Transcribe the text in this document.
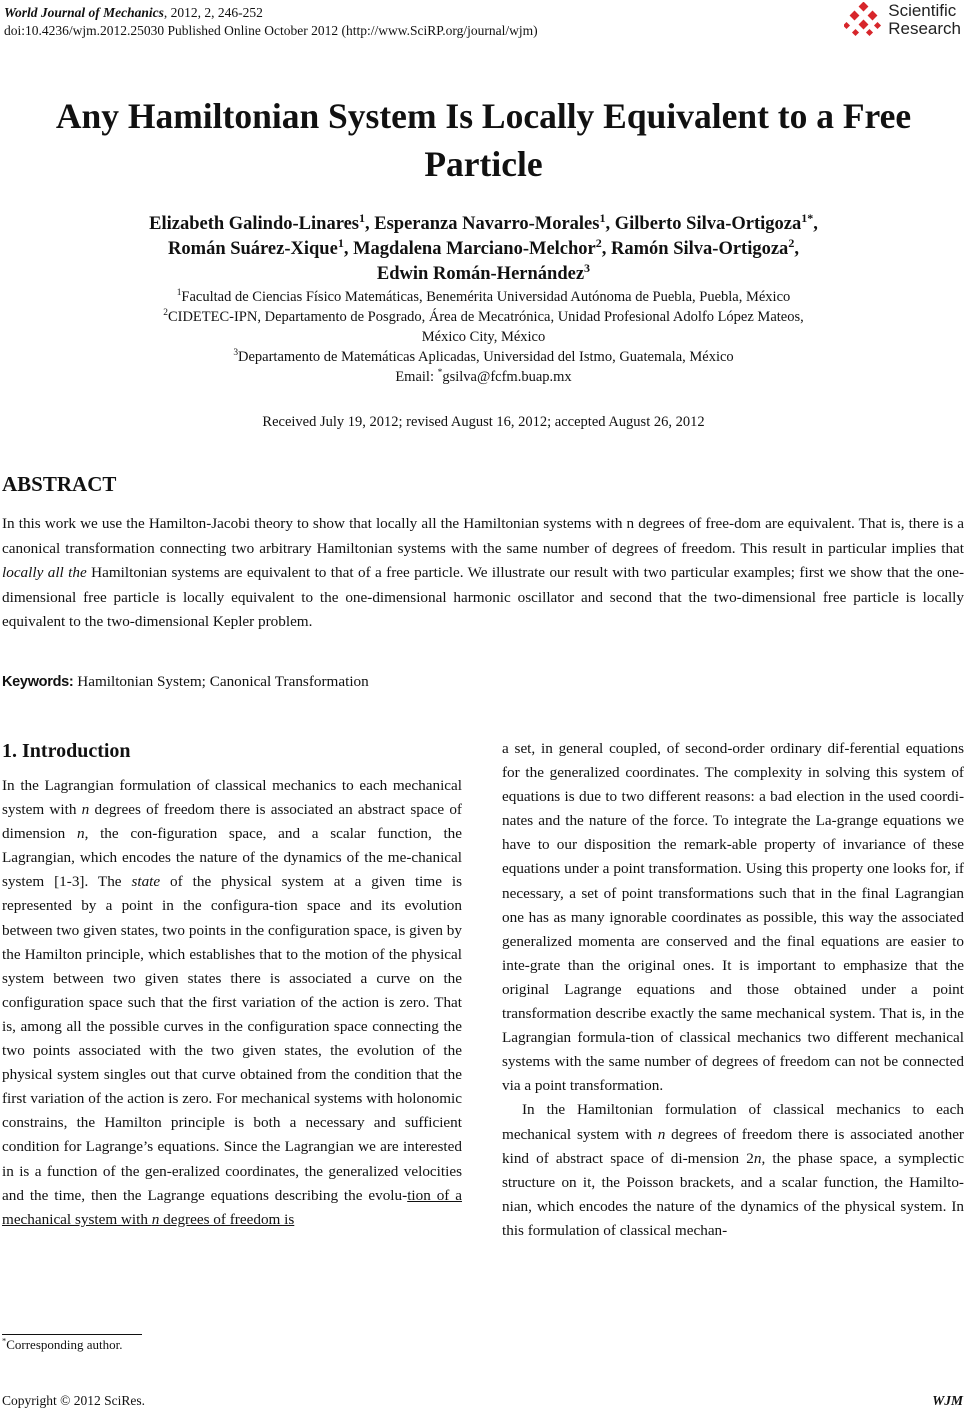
World Journal of Mechanics, 2012, 2, 246-252
doi:10.4236/wjm.2012.25030 Published Online October 2012 (http://www.SciRP.org/journal/wjm)
Scientific
Research
Any Hamiltonian System Is Locally Equivalent to a Free
Particle
Elizabeth Galindo-Linares$^1$, Esperanza Navarro-Morales$^1$, Gilberto Silva-Ortigoza$^{1*}$,
Román Suárez-Xique$^1$, Magdalena Marciano-Melchor$^2$, Ramón Silva-Ortigoza$^2$,
Edwin Román-Hernández$^3$
$^1$Facultad de Ciencias Físico Matemáticas, Benemérita Universidad Autónoma de Puebla, Puebla, México
$^2$CIDETEC-IPN, Departamento de Posgrado, Área de Mecatrónica, Unidad Profesional Adolfo López Mateos,
México City, México
$^3$Departamento de Matemáticas Aplicadas, Universidad del Istmo, Guatemala, México
Email: *gsilva@fcfm.buap.mx
Received July 19, 2012; revised August 16, 2012; accepted August 26, 2012
ABSTRACT
In this work we use the Hamilton-Jacobi theory to show that locally all the Hamiltonian systems with n degrees of free-dom are equivalent. That is, there is a canonical transformation connecting two arbitrary Hamiltonian systems with the same number of degrees of freedom. This result in particular implies that locally all the Hamiltonian systems are equivalent to that of a free particle. We illustrate our result with two particular examples; first we show that the one-dimensional free particle is locally equivalent to the one-dimensional harmonic oscillator and second that the two-dimensional free particle is locally equivalent to the two-dimensional Kepler problem.
Keywords: Hamiltonian System; Canonical Transformation
1. Introduction

In the Lagrangian formulation of classical mechanics to each mechanical system with n degrees of freedom there is associated an abstract space of dimension n, the con-figuration space, and a scalar function, the Lagrangian, which encodes the nature of the dynamics of the me-chanical system [1-3]. The state of the physical system at a given time is represented by a point in the configura-tion space and its evolution between two given states, two points in the configuration space, is given by the Hamilton principle, which establishes that to the motion of the physical system between two given states there is associated a curve on the configuration space such that the first variation of the action is zero. That is, among all the possible curves in the configuration space connecting the two points associated with the two given states, the evolution of the physical system singles out that curve obtained from the condition that the first variation of the action is zero. For mechanical systems with holonomic constrains, the Hamilton principle is both a necessary and sufficient condition for Lagrange’s equations. Since the Lagrangian we are interested in is a function of the gen-eralized coordinates, the generalized velocities and the time, then the Lagrange equations describing the evolu-tion of a mechanical system with n degrees of freedom is

*Corresponding author.

a set, in general coupled, of second-order ordinary dif-ferential equations for the generalized coordinates. The complexity in solving this system of equations is due to two different reasons: a bad election in the used coordi-nates and the nature of the force. To integrate the La-grange equations we have to our disposition the remark-able property of invariance of these equations under a point transformation. Using this property one looks for, if necessary, a set of point transformations such that in the final Lagrangian one has as many ignorable coordinates as possible, this way the associated generalized momenta are conserved and the final equations are easier to inte-grate than the original ones. It is important to emphasize that the original Lagrange equations and those obtained under a point transformation describe exactly the same mechanical system. That is, in the Lagrangian formula-tion of classical mechanics two different mechanical systems with the same number of degrees of freedom can not be connected via a point transformation.

In the Hamiltonian formulation of classical mechanics to each mechanical system with n degrees of freedom there is associated another kind of abstract space of di-mension 2n, the phase space, a symplectic structure on it, the Poisson brackets, and a scalar function, the Hamilto-nian, which encodes the nature of the dynamics of the physical system. In this formulation of classical mechan-

Copyright © 2012 SciRes.	WJM
